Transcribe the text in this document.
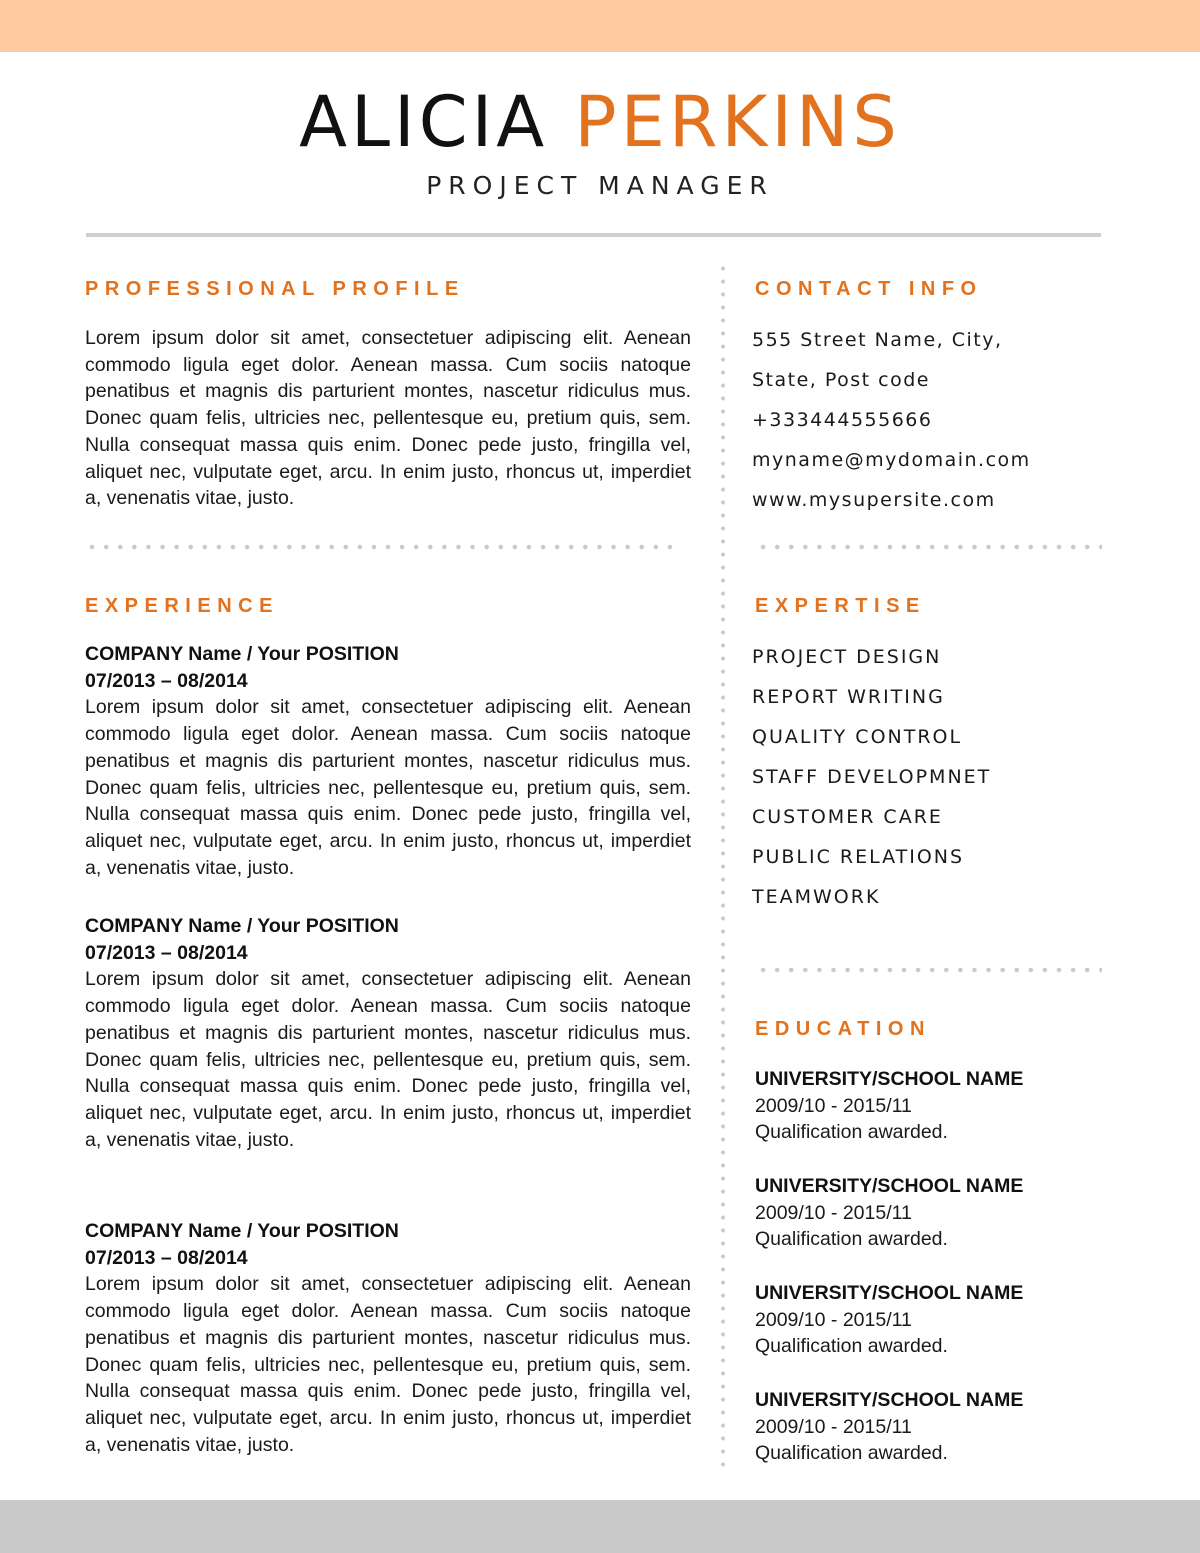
ALICIA PERKINS
PROJECT MANAGER
PROFESSIONAL PROFILE

Lorem ipsum dolor sit amet, consectetuer adipiscing elit. Aenean commodo ligula eget dolor. Aenean massa. Cum sociis natoque penatibus et magnis dis parturient montes, nascetur ridiculus mus. Donec quam felis, ultricies nec, pellentesque eu, pretium quis, sem. Nulla consequat massa quis enim. Donec pede justo, fringilla vel, aliquet nec, vulputate eget, arcu. In enim justo, rhoncus ut, imperdiet a, venenatis vitae, justo.

EXPERIENCE
COMPANY Name / Your POSITION
07/2013 – 08/2014

Lorem ipsum dolor sit amet, consectetuer adipiscing elit. Aenean commodo ligula eget dolor. Aenean massa. Cum sociis natoque penatibus et magnis dis parturient montes, nascetur ridiculus mus. Donec quam felis, ultricies nec, pellentesque eu, pretium quis, sem. Nulla consequat massa quis enim. Donec pede justo, fringilla vel, aliquet nec, vulputate eget, arcu. In enim justo, rhoncus ut, imperdiet a, venenatis vitae, justo.

COMPANY Name / Your POSITION
07/2013 – 08/2014

Lorem ipsum dolor sit amet, consectetuer adipiscing elit. Aenean commodo ligula eget dolor. Aenean massa. Cum sociis natoque penatibus et magnis dis parturient montes, nascetur ridiculus mus. Donec quam felis, ultricies nec, pellentesque eu, pretium quis, sem. Nulla consequat massa quis enim. Donec pede justo, fringilla vel, aliquet nec, vulputate eget, arcu. In enim justo, rhoncus ut, imperdiet a, venenatis vitae, justo.

COMPANY Name / Your POSITION
07/2013 – 08/2014

Lorem ipsum dolor sit amet, consectetuer adipiscing elit. Aenean commodo ligula eget dolor. Aenean massa. Cum sociis natoque penatibus et magnis dis parturient montes, nascetur ridiculus mus. Donec quam felis, ultricies nec, pellentesque eu, pretium quis, sem. Nulla consequat massa quis enim. Donec pede justo, fringilla vel, aliquet nec, vulputate eget, arcu. In enim justo, rhoncus ut, imperdiet a, venenatis vitae, justo.

CONTACT INFO
555 Street Name, City,
State, Post code
+333444555666
myname@mydomain.com
www.mysupersite.com
EXPERTISE
PROJECT DESIGN
REPORT WRITING
QUALITY CONTROL
STAFF DEVELOPMNET
CUSTOMER CARE
PUBLIC RELATIONS
TEAMWORK
EDUCATION
UNIVERSITY/SCHOOL NAME
2009/10 - 2015/11
Qualification awarded.
UNIVERSITY/SCHOOL NAME
2009/10 - 2015/11
Qualification awarded.
UNIVERSITY/SCHOOL NAME
2009/10 - 2015/11
Qualification awarded.
UNIVERSITY/SCHOOL NAME
2009/10 - 2015/11
Qualification awarded.
